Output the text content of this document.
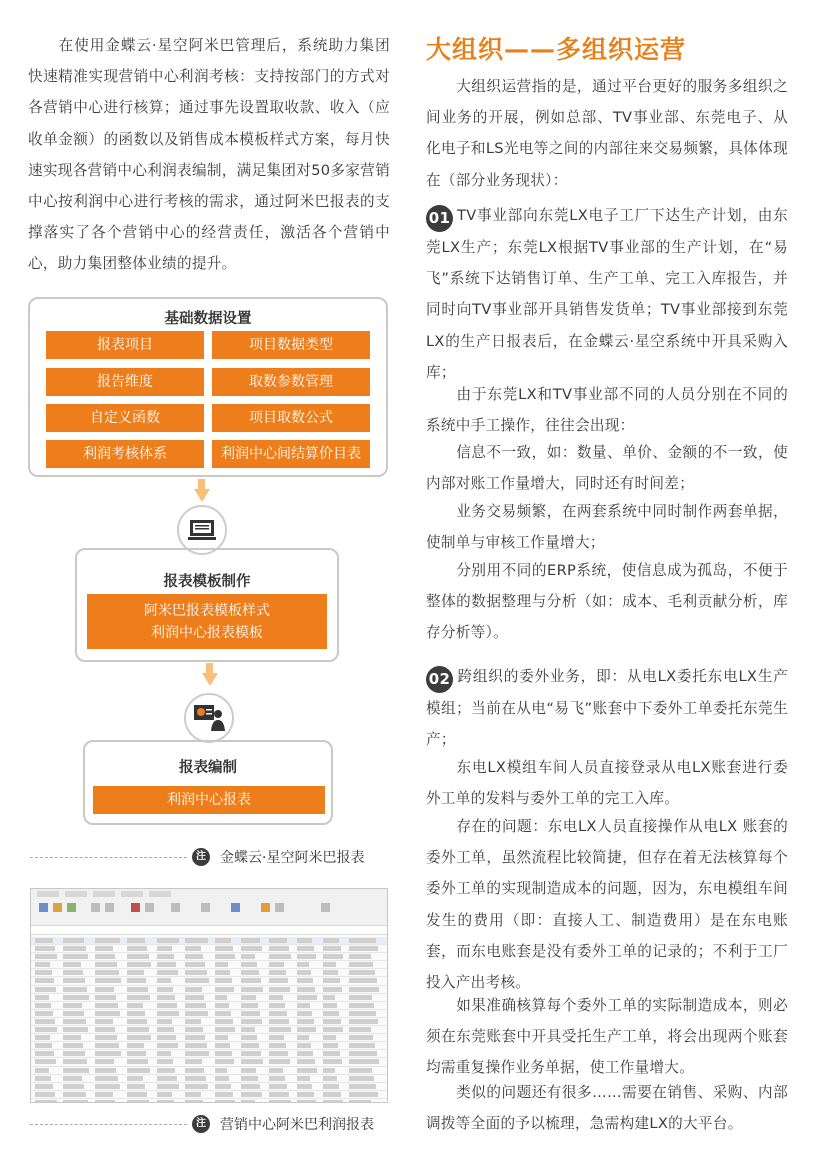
在使用金蝶云·星空阿米巴管理后，系统助力集团快速精准实现营销中心利润考核：支持按部门的方式对各营销中心进行核算；通过事先设置取收款、收入（应收单金额）的函数以及销售成本模板样式方案，每月快速实现各营销中心利润表编制，满足集团对50多家营销中心按利润中心进行考核的需求，通过阿米巴报表的支撑落实了各个营销中心的经营责任，激活各个营销中心，助力集团整体业绩的提升。

基础数据设置
报表项目	项目数据类型
报告维度	取数参数管理
自定义函数	项目取数公式
利润考核体系	利润中心间结算价目表
报表模板制作
阿米巴报表模板样式
利润中心报表模板
报表编制
利润中心报表
注 金蝶云·星空阿米巴报表
注 营销中心阿米巴利润报表
大组织——多组织运营

大组织运营指的是，通过平台更好的服务多组织之间业务的开展，例如总部、TV事业部、东莞电子、从化电子和LS光电等之间的内部往来交易频繁，具体体现在（部分业务现状）：

01 TV事业部向东莞LX电子工厂下达生产计划，由东莞LX生产；东莞LX根据TV事业部的生产计划，在“易飞”系统下达销售订单、生产工单、完工入库报告，并同时向TV事业部开具销售发货单；TV事业部接到东莞LX的生产日报表后，在金蝶云·星空系统中开具采购入库；

由于东莞LX和TV事业部不同的人员分别在不同的系统中手工操作，往往会出现：

信息不一致，如：数量、单价、金额的不一致，使内部对账工作量增大，同时还有时间差；

业务交易频繁，在两套系统中同时制作两套单据，使制单与审核工作量增大；

分别用不同的ERP系统，使信息成为孤岛，不便于整体的数据整理与分析（如：成本、毛利贡献分析，库存分析等）。

02 跨组织的委外业务，即：从电LX委托东电LX生产模组；当前在从电“易飞”账套中下委外工单委托东莞生产；

东电LX模组车间人员直接登录从电LX账套进行委外工单的发料与委外工单的完工入库。

存在的问题：东电LX人员直接操作从电LX 账套的委外工单，虽然流程比较简捷，但存在着无法核算每个委外工单的实现制造成本的问题，因为，东电模组车间发生的费用（即：直接人工、制造费用）是在东电账套，而东电账套是没有委外工单的记录的；不利于工厂投入产出考核。

如果准确核算每个委外工单的实际制造成本，则必须在东莞账套中开具受托生产工单，将会出现两个账套均需重复操作业务单据，使工作量增大。

类似的问题还有很多……需要在销售、采购、内部调拨等全面的予以梳理，急需构建LX的大平台。
